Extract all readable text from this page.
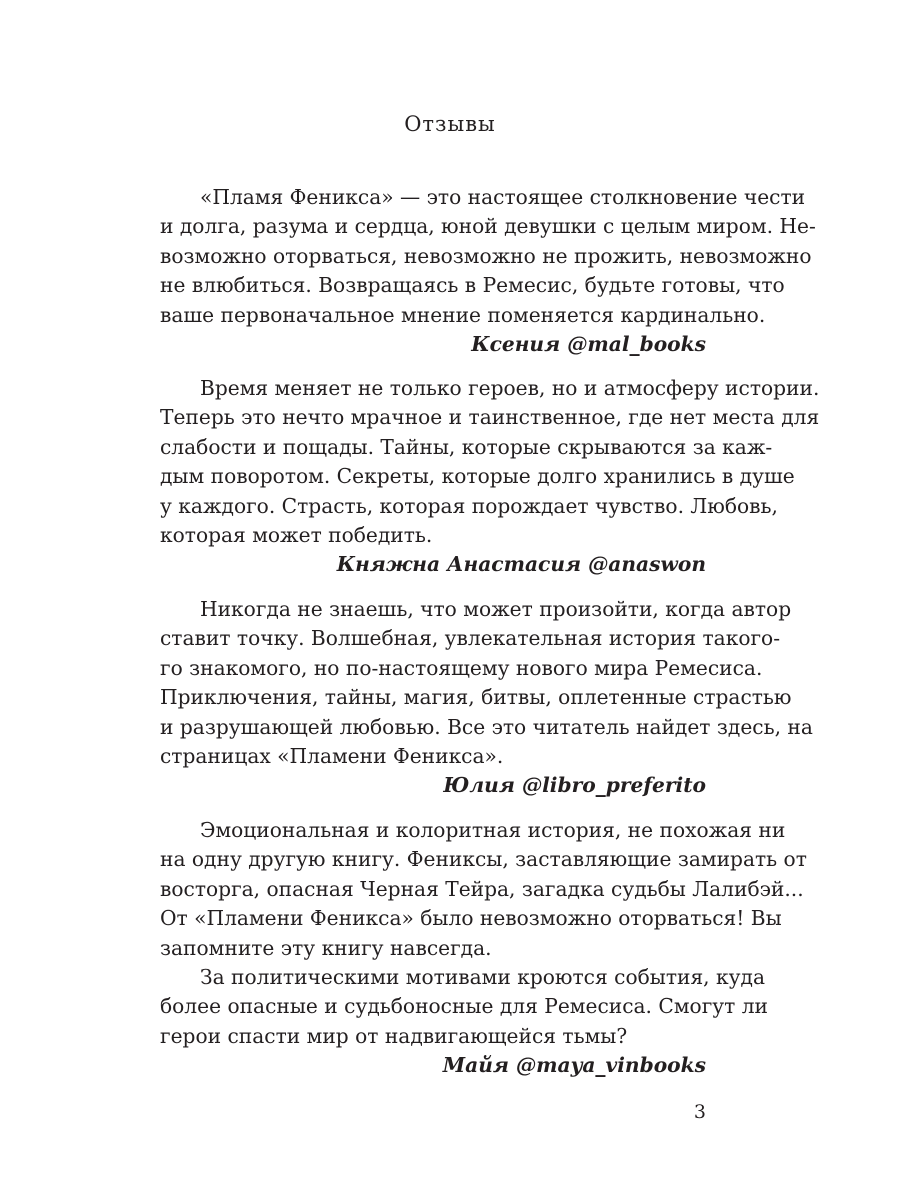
Отзывы

«Пламя Феникса» — это настоящее столкновение чести
и долга, разума и сердца, юной девушки с целым миром. Не-
возможно оторваться, невозможно не прожить, невозможно
не влюбиться. Возвращаясь в Ремесис, будьте готовы, что
ваше первоначальное мнение поменяется кардинально.

Ксения @mal_books

Время меняет не только героев, но и атмосферу истории.
Теперь это нечто мрачное и таинственное, где нет места для
слабости и пощады. Тайны, которые скрываются за каж-
дым поворотом. Секреты, которые долго хранились в душе
у каждого. Страсть, которая порождает чувство. Любовь,
которая может победить.

Княжна Анастасия @anaswon

Никогда не знаешь, что может произойти, когда автор
ставит точку. Волшебная, увлекательная история такого-
го знакомого, но по-настоящему нового мира Ремесиса.
Приключения, тайны, магия, битвы, оплетенные страстью
и разрушающей любовью. Все это читатель найдет здесь, на
страницах «Пламени Феникса».

Юлия @libro_preferito

Эмоциональная и колоритная история, не похожая ни
на одну другую книгу. Фениксы, заставляющие замирать от
восторга, опасная Черная Тейра, загадка судьбы Лалибэй...
От «Пламени Феникса» было невозможно оторваться! Вы
запомните эту книгу навсегда.

За политическими мотивами кроются события, куда
более опасные и судьбоносные для Ремесиса. Смогут ли
герои спасти мир от надвигающейся тьмы?

Майя @maya_vinbooks

3
